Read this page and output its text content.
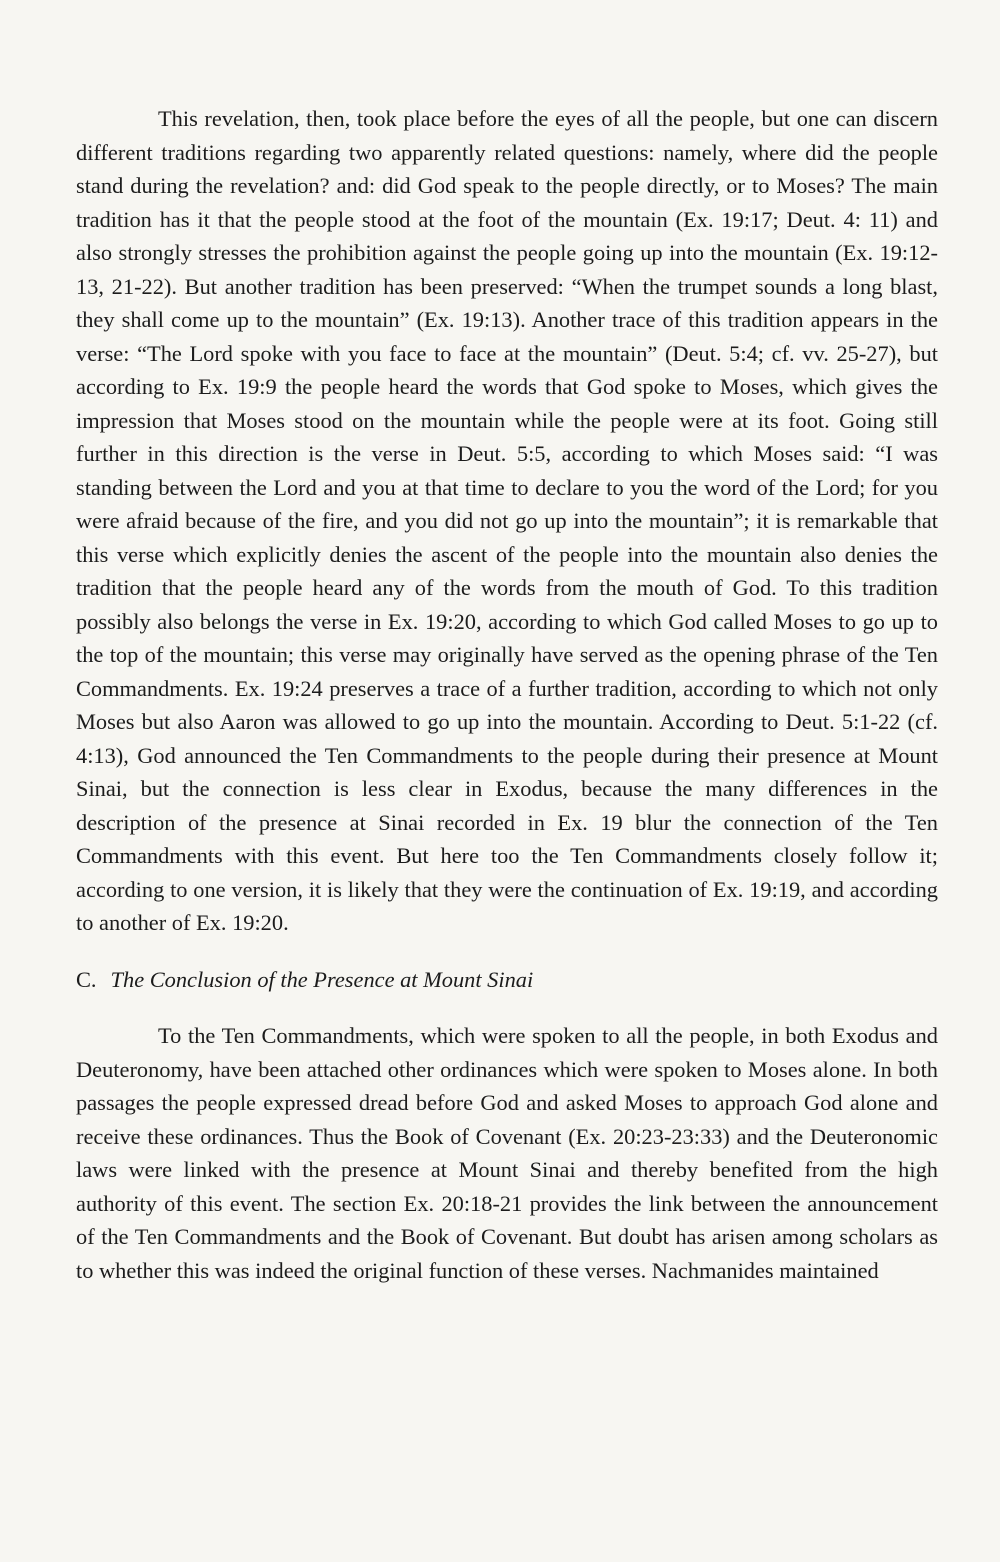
This revelation, then, took place before the eyes of all the people, but one can discern different traditions regarding two apparently related questions: namely, where did the people stand during the revelation? and: did God speak to the people directly, or to Moses? The main tradition has it that the people stood at the foot of the mountain (Ex. 19:17; Deut. 4: 11) and also strongly stresses the prohibition against the people going up into the mountain (Ex. 19:12-13, 21-22). But another tradition has been preserved: “When the trumpet sounds a long blast, they shall come up to the mountain” (Ex. 19:13). Another trace of this tradition appears in the verse: “The Lord spoke with you face to face at the mountain” (Deut. 5:4; cf. vv. 25-27), but according to Ex. 19:9 the people heard the words that God spoke to Moses, which gives the impression that Moses stood on the mountain while the people were at its foot. Going still further in this direction is the verse in Deut. 5:5, according to which Moses said: “I was standing between the Lord and you at that time to declare to you the word of the Lord; for you were afraid because of the fire, and you did not go up into the mountain”; it is remarkable that this verse which explicitly denies the ascent of the people into the mountain also denies the tradition that the people heard any of the words from the mouth of God. To this tradition possibly also belongs the verse in Ex. 19:20, according to which God called Moses to go up to the top of the mountain; this verse may originally have served as the opening phrase of the Ten Commandments. Ex. 19:24 preserves a trace of a further tradition, according to which not only Moses but also Aaron was allowed to go up into the mountain. According to Deut. 5:1-22 (cf. 4:13), God announced the Ten Commandments to the people during their presence at Mount Sinai, but the connection is less clear in Exodus, because the many differences in the description of the presence at Sinai recorded in Ex. 19 blur the connection of the Ten Commandments with this event. But here too the Ten Commandments closely follow it; according to one version, it is likely that they were the continuation of Ex. 19:19, and according to another of Ex. 19:20.

C. The Conclusion of the Presence at Mount Sinai

To the Ten Commandments, which were spoken to all the people, in both Exodus and Deuteronomy, have been attached other ordinances which were spoken to Moses alone. In both passages the people expressed dread before God and asked Moses to approach God alone and receive these ordinances. Thus the Book of Covenant (Ex. 20:23-23:33) and the Deuteronomic laws were linked with the presence at Mount Sinai and thereby benefited from the high authority of this event. The section Ex. 20:18-21 provides the link between the announcement of the Ten Commandments and the Book of Covenant. But doubt has arisen among scholars as to whether this was indeed the original function of these verses. Nachmanides maintained
